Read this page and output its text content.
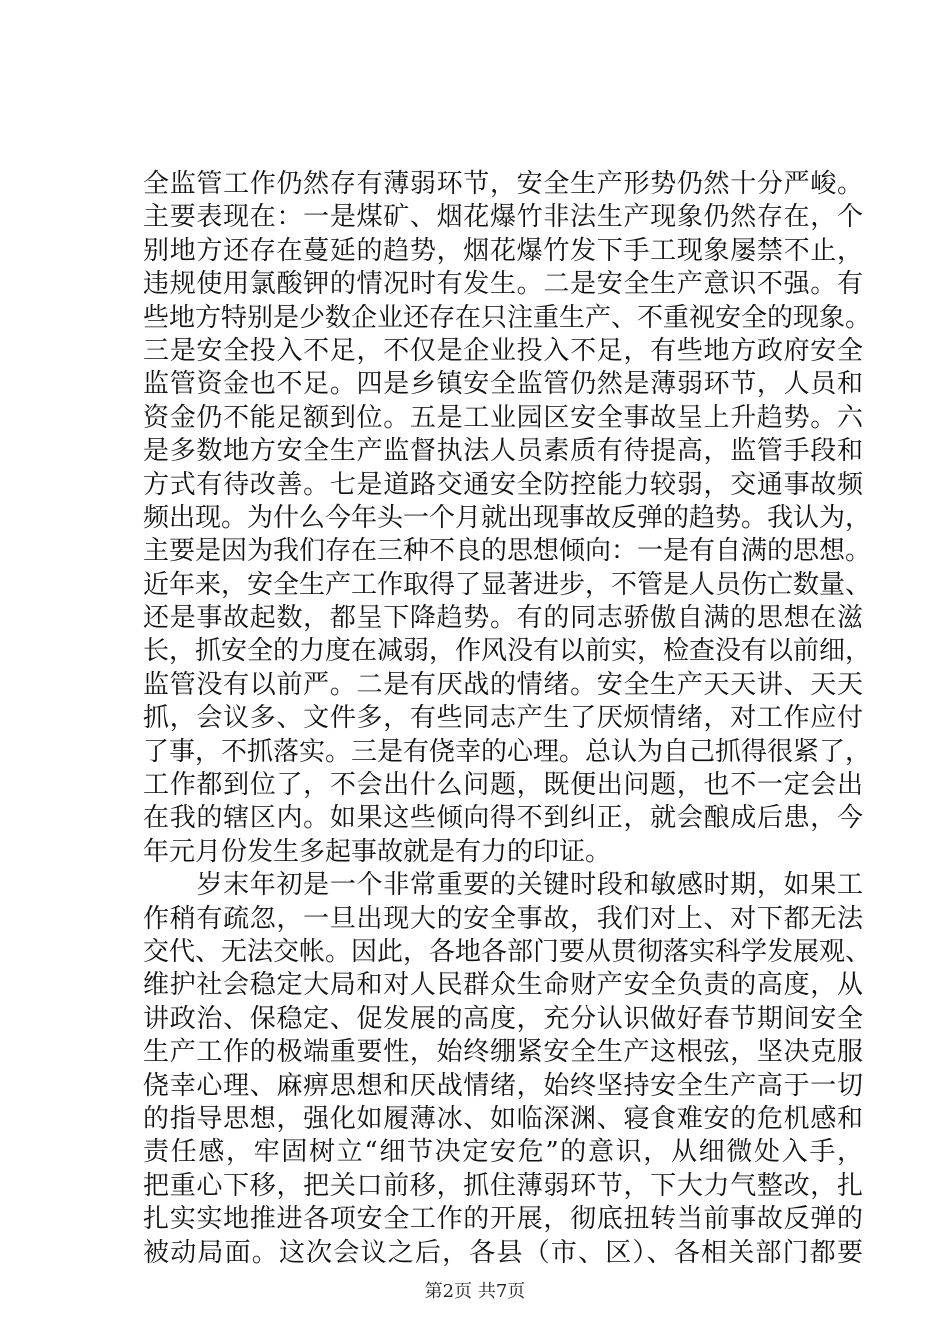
全监管工作仍然存有薄弱环节，安全生产形势仍然十分严峻。
主要表现在：一是煤矿、烟花爆竹非法生产现象仍然存在，个
别地方还存在蔓延的趋势，烟花爆竹发下手工现象屡禁不止，
违规使用氯酸钾的情况时有发生。二是安全生产意识不强。有
些地方特别是少数企业还存在只注重生产、不重视安全的现象。
三是安全投入不足，不仅是企业投入不足，有些地方政府安全
监管资金也不足。四是乡镇安全监管仍然是薄弱环节，人员和
资金仍不能足额到位。五是工业园区安全事故呈上升趋势。六
是多数地方安全生产监督执法人员素质有待提高，监管手段和
方式有待改善。七是道路交通安全防控能力较弱，交通事故频
频出现。为什么今年头一个月就出现事故反弹的趋势。我认为，
主要是因为我们存在三种不良的思想倾向：一是有自满的思想。
近年来，安全生产工作取得了显著进步，不管是人员伤亡数量、
还是事故起数，都呈下降趋势。有的同志骄傲自满的思想在滋
长，抓安全的力度在减弱，作风没有以前实，检查没有以前细，
监管没有以前严。二是有厌战的情绪。安全生产天天讲、天天
抓，会议多、文件多，有些同志产生了厌烦情绪，对工作应付
了事，不抓落实。三是有侥幸的心理。总认为自己抓得很紧了，
工作都到位了，不会出什么问题，既便出问题，也不一定会出
在我的辖区内。如果这些倾向得不到纠正，就会酿成后患，今
年元月份发生多起事故就是有力的印证。
　　岁末年初是一个非常重要的关键时段和敏感时期，如果工
作稍有疏忽，一旦出现大的安全事故，我们对上、对下都无法
交代、无法交帐。因此，各地各部门要从贯彻落实科学发展观、
维护社会稳定大局和对人民群众生命财产安全负责的高度，从
讲政治、保稳定、促发展的高度，充分认识做好春节期间安全
生产工作的极端重要性，始终绷紧安全生产这根弦，坚决克服
侥幸心理、麻痹思想和厌战情绪，始终坚持安全生产高于一切
的指导思想，强化如履薄冰、如临深渊、寝食难安的危机感和
责任感，牢固树立“细节决定安危”的意识，从细微处入手，
把重心下移，把关口前移，抓住薄弱环节，下大力气整改，扎
扎实实地推进各项安全工作的开展，彻底扭转当前事故反弹的
被动局面。这次会议之后，各县（市、区）、各相关部门都要
第2页 共7页
